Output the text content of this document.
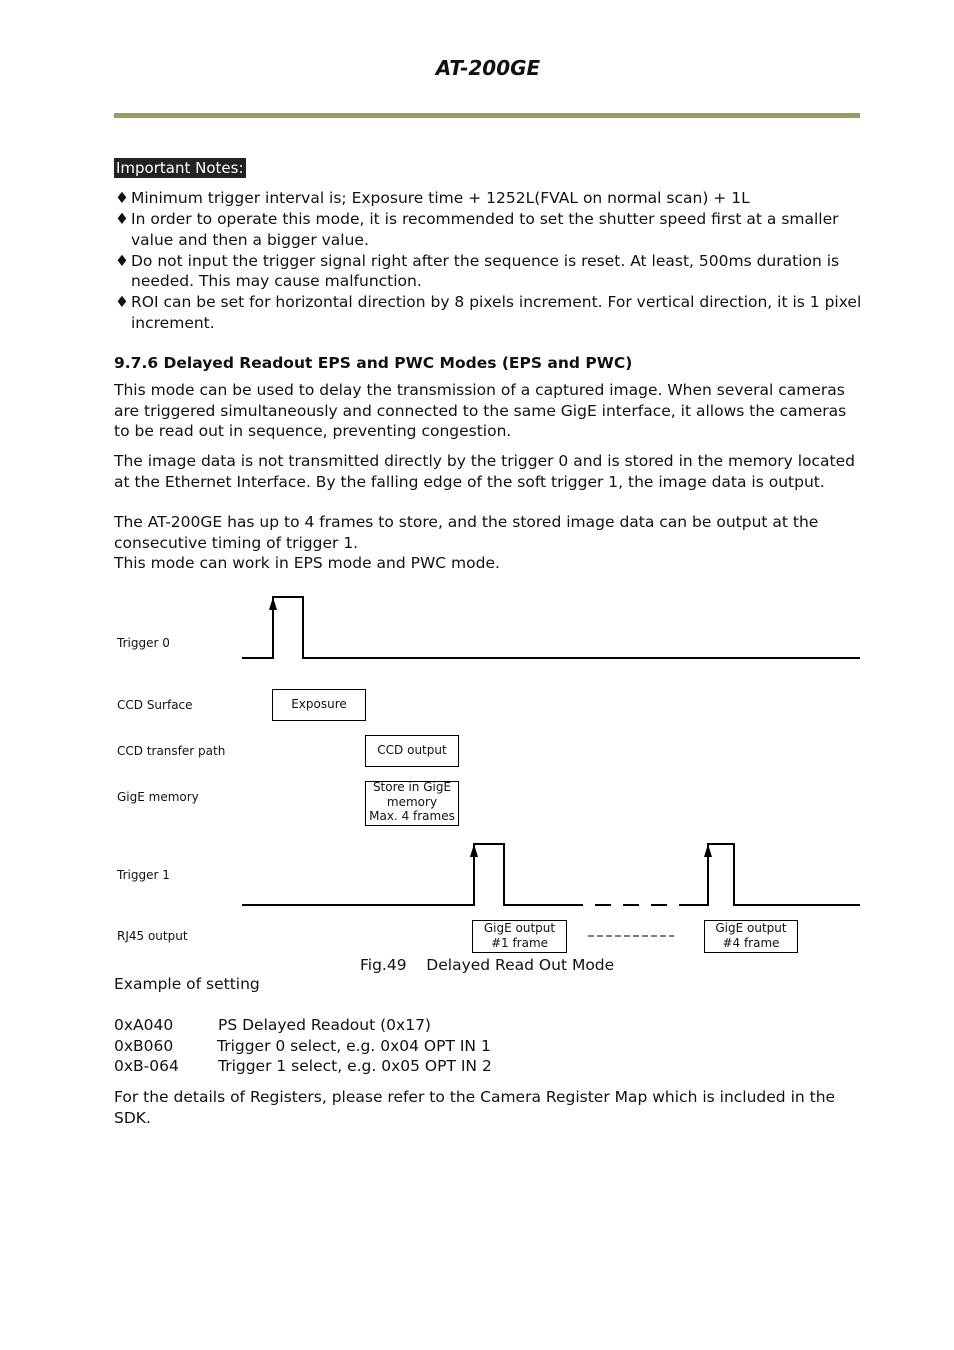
AT-200GE
Important Notes:
♦ Minimum trigger interval is; Exposure time + 1252L(FVAL on normal scan) + 1L
♦ In order to operate this mode, it is recommended to set the shutter speed first at a smaller value and then a bigger value.
♦ Do not input the trigger signal right after the sequence is reset. At least, 500ms duration is needed. This may cause malfunction.
♦ ROI can be set for horizontal direction by 8 pixels increment. For vertical direction, it is 1 pixel increment.
9.7.6 Delayed Readout EPS and PWC Modes (EPS and PWC)

This mode can be used to delay the transmission of a captured image. When several cameras are triggered simultaneously and connected to the same GigE interface, it allows the cameras to be read out in sequence, preventing congestion.

The image data is not transmitted directly by the trigger 0 and is stored in the memory located at the Ethernet Interface. By the falling edge of the soft trigger 1, the image data is output.

The AT-200GE has up to 4 frames to store, and the stored image data can be output at the consecutive timing of trigger 1.

This mode can work in EPS mode and PWC mode.

Trigger 0
CCD Surface
CCD transfer path
GigE memory
Trigger 1
RJ45 output
Exposure
CCD output
Store in GigE
memory
Max. 4 frames
GigE output
#1 frame
GigE output
#4 frame
Fig.49    Delayed Read Out Mode
Example of setting
0xA040	PS Delayed Readout (0x17)
0xB060	Trigger 0 select, e.g. 0x04 OPT IN 1
0xB-064	Trigger 1 select, e.g. 0x05 OPT IN 2

For the details of Registers, please refer to the Camera Register Map which is included in the SDK.
